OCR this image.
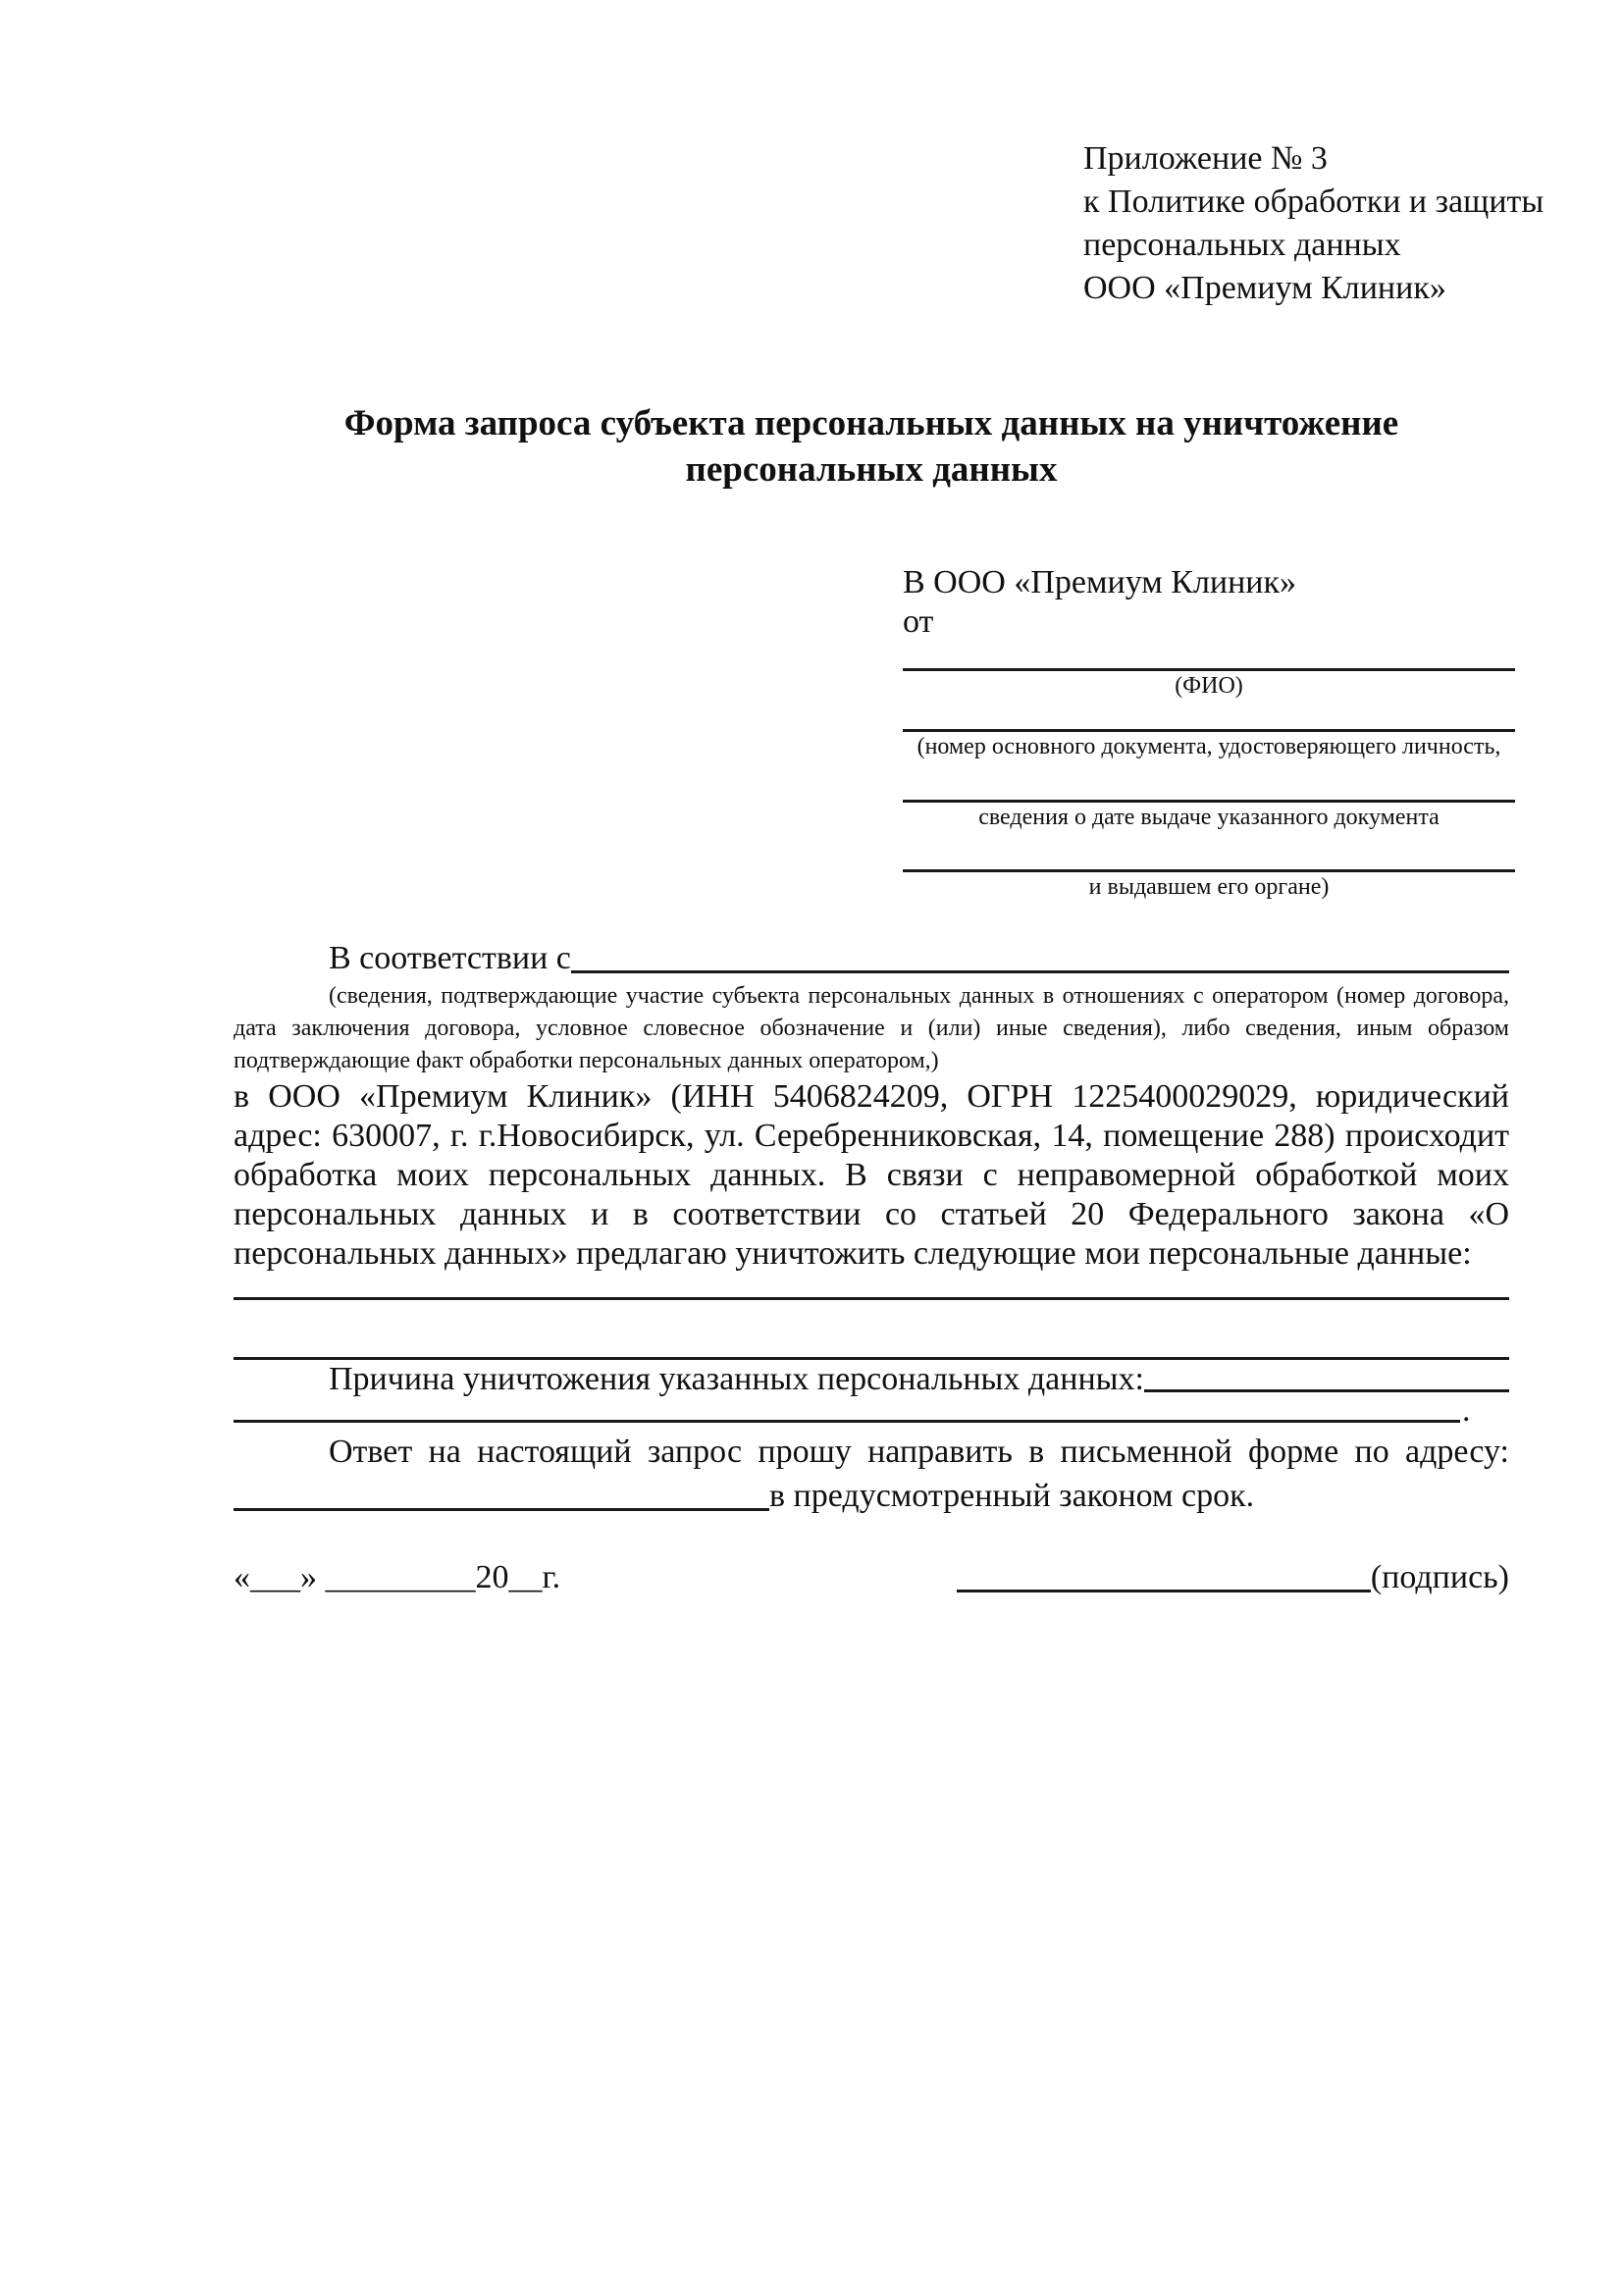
Приложение № 3
к Политике обработки и защиты
персональных данных
ООО «Премиум Клиник»
Форма запроса субъекта персональных данных на уничтожение
персональных данных
В ООО «Премиум Клиник»
от
(ФИО)
(номер основного документа, удостоверяющего личность,
сведения о дате выдаче указанного документа
и выдавшем его органе)
В соответствии с
(сведения, подтверждающие участие субъекта персональных данных в отношениях с оператором (номер договора, дата заключения договора, условное словесное обозначение и (или) иные сведения), либо сведения, иным образом подтверждающие факт обработки персональных данных оператором,)
в ООО «Премиум Клиник» (ИНН 5406824209, ОГРН 1225400029029, юридический адрес: 630007, г. г.Новосибирск, ул. Серебренниковская, 14, помещение 288) происходит обработка моих персональных данных. В связи с неправомерной обработкой моих персональных данных и в соответствии со статьей 20 Федерального закона «О персональных данных» предлагаю уничтожить следующие мои персональные данные:
Причина уничтожения указанных персональных данных:
.
Ответ на настоящий запрос прошу направить в письменной форме по адресу:
в предусмотренный законом срок.
«___» _________20__г.	(подпись)
